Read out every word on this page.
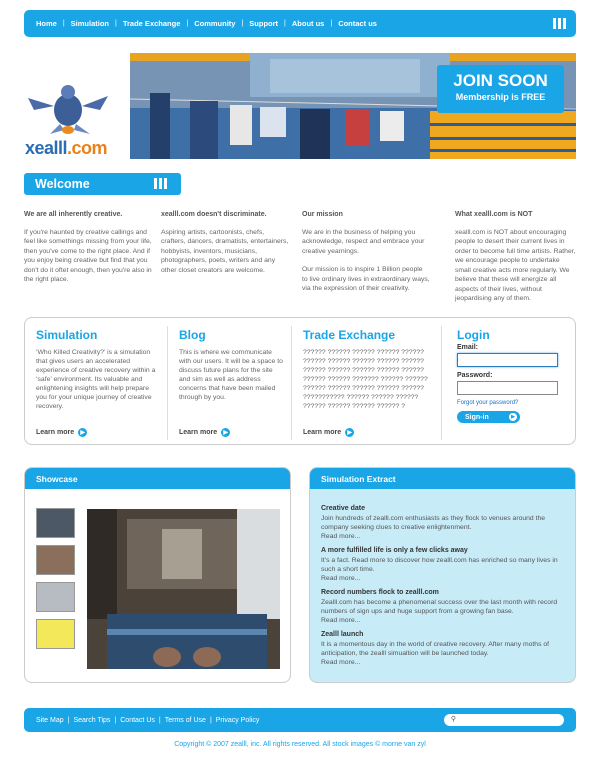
Home | Simulation | Trade Exchange | Community | Support | About us | Contact us
xealll.com
JOIN SOON
Membership is FREE
Welcome
We are all inherently creative.

If you're haunted by creative callings and feel like somethings missing from your life, then you've come to the right place. And if you enjoy being creative but find that you don't do it oftet enough, then you're also in the right place.

xealll.com doesn't discriminate.

Aspiring artists, cartoonists, chefs, crafters, dancers, dramatists, entertainers, hobbyists, inventors, musicians, photographers, poets, writers and any other closet creators are welcome.

Our mission

We are in the business of helping you acknowledge, respect and embrace your creative yearnings.

Our mission is to inspire 1 Billion people to live ordinary lives in extraordinary ways, via the expression of their creativity.

What xealll.com is NOT

xealll.com is NOT about encouraging people to desert their current lives in order to become full time artists. Rather, we encourage people to undertake small creative acts more regularly. We believe that these will energize all aspects of their lives, without jeopardising any of them.

Simulation

‘Who Killed Creativity?’ is a simulation that gives users an accelerated experience of creative recovery within a ‘safe’ environment. Its valuable and enlightening insights will help prepare you for your unique journey of creative recovery.

Learn more	▶
Blog

This is where we communicate with our users. It will be a space to discuss future plans for the site and sim as well as address concerns that have been mailed through by you.

Learn more	▶
Trade Exchange

?????? ?????? ?????? ?????? ?????? ?????? ?????? ?????? ?????? ?????? ?????? ?????? ?????? ?????? ?????? ?????? ?????? ??????? ?????? ?????? ?????? ?????? ?????? ?????? ?????? ??????????? ?????? ?????? ?????? ?????? ?????? ?????? ?????? ?

Learn more	▶
Login
Email:
Password:
Forgot your password?
Sign-in	▶
Showcase	Simulation Extract
Creative date
Join hundreds of zealll.com enthusiasts as they flock to venues around the company seeking clues to creative enlightenment.
Read more...
A more fulfilled life is only a few clicks away
It's a fact. Read more to discover how zealll.com has enriched so many lives in such a short time.
Read more...
Record numbers flock to zealll.com
Zealll.com has become a phenomenal success over the last month with record numbers of sign ups and huge support from a growing fan base.
Read more...
Zealll launch
It is a momentous day in the world of creative recovery. After many moths of anticipation, the zealll simualtion will be launched today.
Read more...
Site Map | Search Tips | Contact Us | Terms of Use | Privacy Policy	⚲
Copyright © 2007 zealll, inc. All rights reserved. All stock images © morne van zyl
